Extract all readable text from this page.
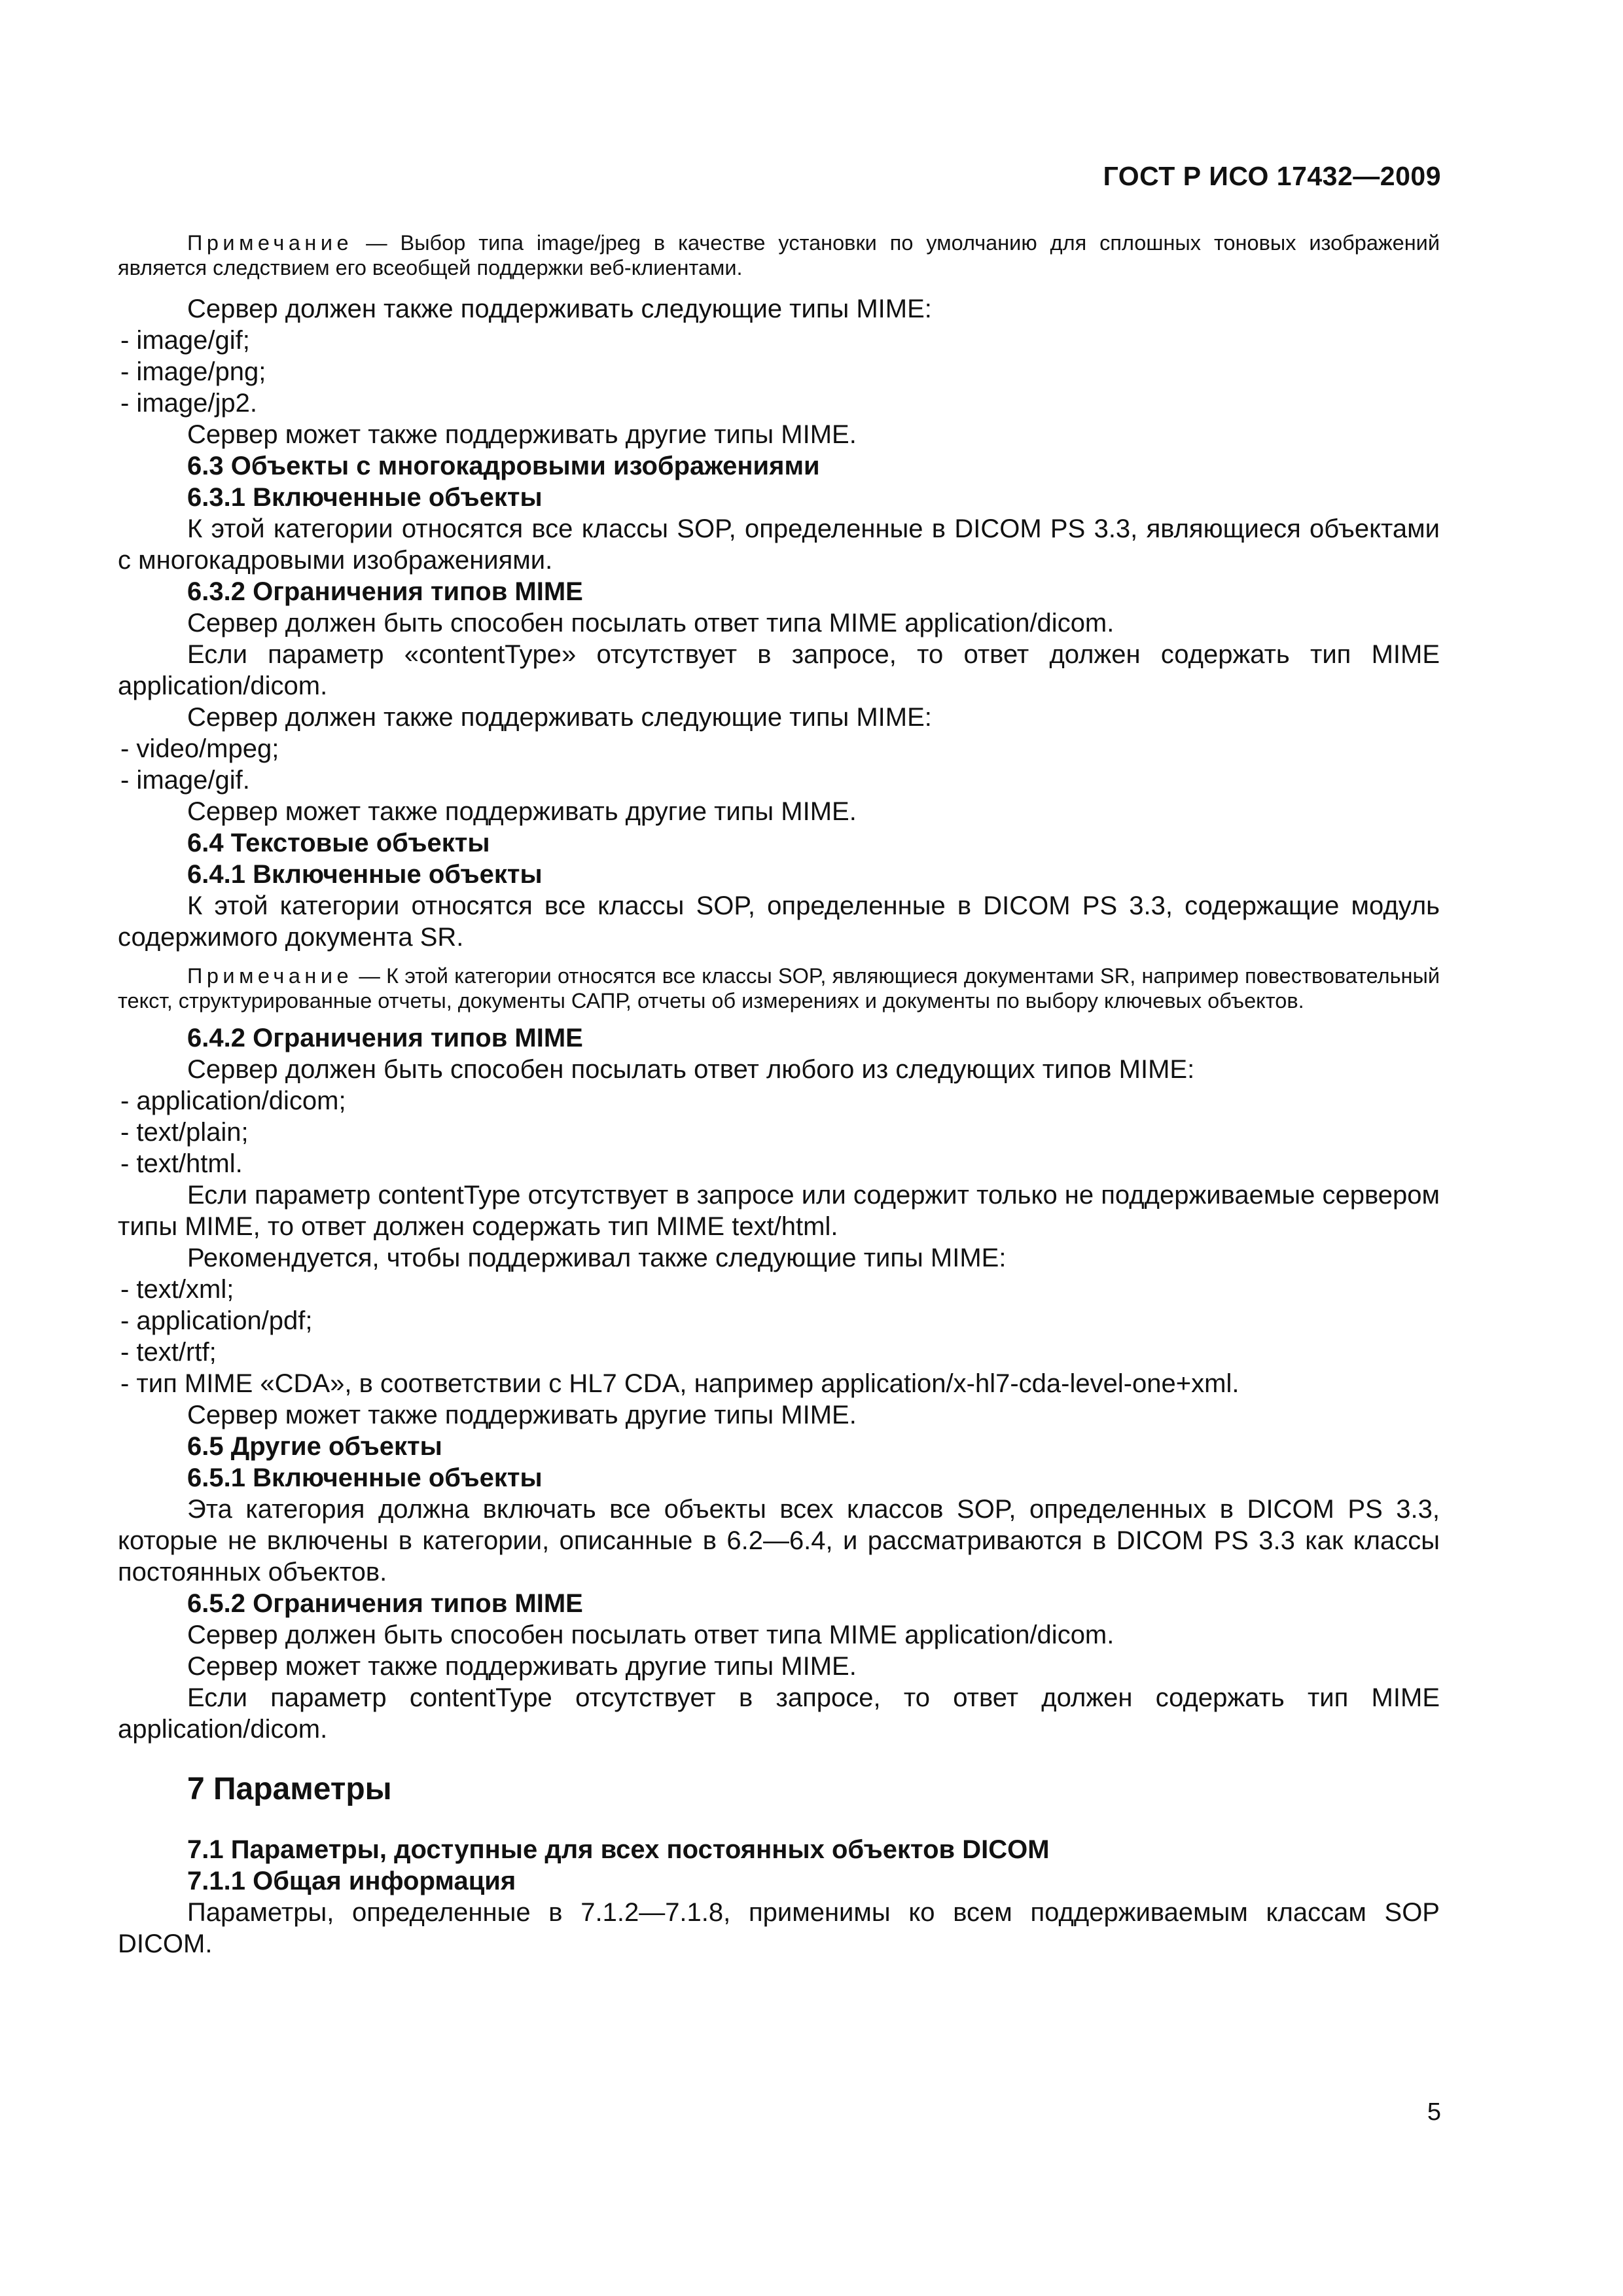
ГОСТ Р ИСО 17432—2009

Примечание — Выбор типа image/jpeg в качестве установки по умолчанию для сплошных тоновых изображений является следствием его всеобщей поддержки веб-клиентами.

Сервер должен также поддерживать следующие типы MIME:

- image/gif;

- image/png;

- image/jp2.

Сервер может также поддерживать другие типы MIME.

6.3 Объекты с многокадровыми изображениями

6.3.1 Включенные объекты

К этой категории относятся все классы SOP, определенные в DICOM PS 3.3, являющиеся объектами с многокадровыми изображениями.

6.3.2 Ограничения типов MIME

Сервер должен быть способен посылать ответ типа MIME application/dicom.

Если параметр «contentType» отсутствует в запросе, то ответ должен содержать тип MIME application/dicom.

Сервер должен также поддерживать следующие типы MIME:

- video/mpeg;

- image/gif.

Сервер может также поддерживать другие типы MIME.

6.4 Текстовые объекты

6.4.1 Включенные объекты

К этой категории относятся все классы SOP, определенные в DICOM PS 3.3, содержащие модуль содержимого документа SR.

Примечание — К этой категории относятся все классы SOP, являющиеся документами SR, например повествовательный текст, структурированные отчеты, документы САПР, отчеты об измерениях и документы по выбору ключевых объектов.

6.4.2 Ограничения типов MIME

Сервер должен быть способен посылать ответ любого из следующих типов MIME:

- application/dicom;

- text/plain;

- text/html.

Если параметр contentType отсутствует в запросе или содержит только не поддерживаемые сервером типы MIME, то ответ должен содержать тип MIME text/html.

Рекомендуется, чтобы поддерживал также следующие типы MIME:

- text/xml;

- application/pdf;

- text/rtf;

- тип MIME «CDA», в соответствии с HL7 CDA, например application/x-hl7-cda-level-one+xml.

Сервер может также поддерживать другие типы MIME.

6.5 Другие объекты

6.5.1 Включенные объекты

Эта категория должна включать все объекты всех классов SOP, определенных в DICOM PS 3.3, которые не включены в категории, описанные в 6.2—6.4, и рассматриваются в DICOM PS 3.3 как классы постоянных объектов.

6.5.2 Ограничения типов MIME

Сервер должен быть способен посылать ответ типа MIME application/dicom.

Сервер может также поддерживать другие типы MIME.

Если параметр contentType отсутствует в запросе, то ответ должен содержать тип MIME application/dicom.

7 Параметры

7.1 Параметры, доступные для всех постоянных объектов DICOM

7.1.1 Общая информация

Параметры, определенные в 7.1.2—7.1.8, применимы ко всем поддерживаемым классам SOP DICOM.

5
